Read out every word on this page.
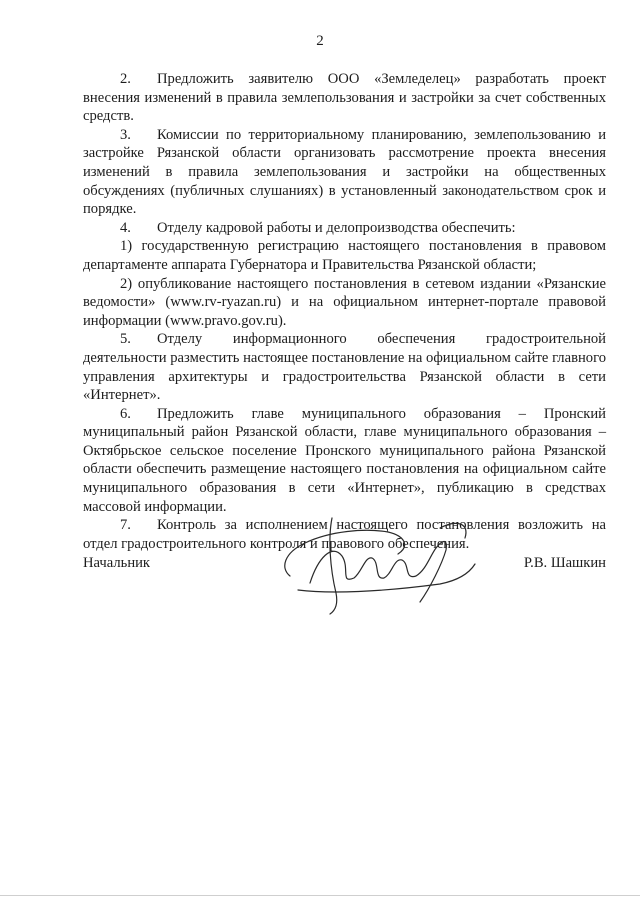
2

2. Предложить заявителю ООО «Земледелец» разработать проект внесения изменений в правила землепользования и застройки за счет собственных средств.

3. Комиссии по территориальному планированию, землепользованию и застройке Рязанской области организовать рассмотрение проекта внесения изменений в правила землепользования и застройки на общественных обсуждениях (публичных слушаниях) в установленный законодательством срок и порядке.

4. Отделу кадровой работы и делопроизводства обеспечить:

1) государственную регистрацию настоящего постановления в правовом департаменте аппарата Губернатора и Правительства Рязанской области;

2) опубликование настоящего постановления в сетевом издании «Рязанские ведомости» (www.rv-ryazan.ru) и на официальном интернет-портале правовой информации (www.pravo.gov.ru).

5. Отделу информационного обеспечения градостроительной деятельности разместить настоящее постановление на официальном сайте главного управления архитектуры и градостроительства Рязанской области в сети «Интернет».

6. Предложить главе муниципального образования – Пронский муниципальный район Рязанской области, главе муниципального образования – Октябрьское сельское поселение Пронского муниципального района Рязанской области обеспечить размещение настоящего постановления на официальном сайте муниципального образования в сети «Интернет», публикацию в средствах массовой информации.

7. Контроль за исполнением настоящего постановления возложить на отдел градостроительного контроля и правового обеспечения.

Начальник	Р.В. Шашкин
